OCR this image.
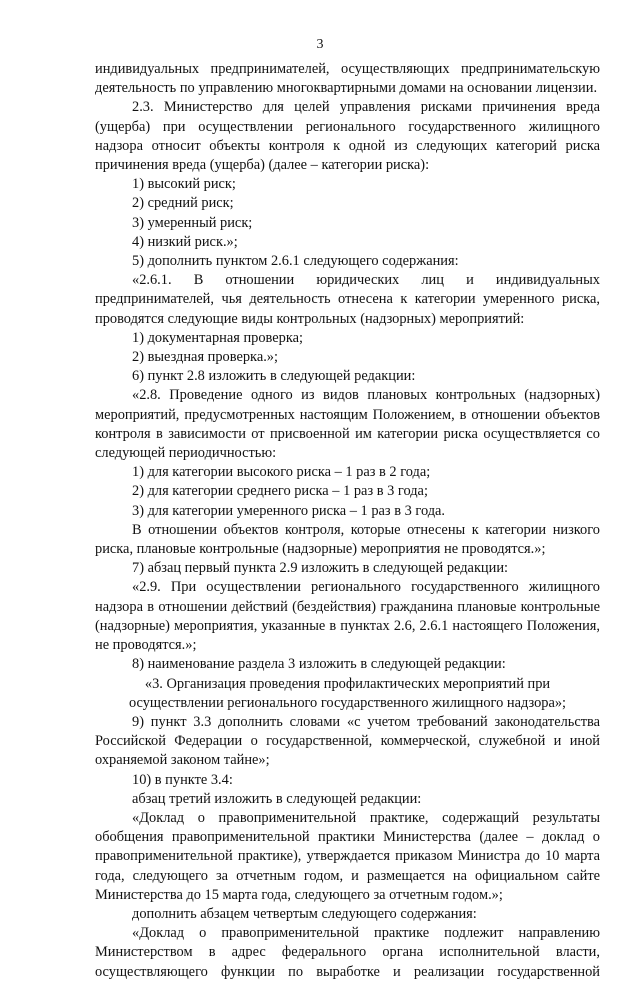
3

индивидуальных предпринимателей, осуществляющих предпринимательскую деятельность по управлению многоквартирными домами на основании лицензии.

2.3. Министерство для целей управления рисками причинения вреда (ущерба) при осуществлении регионального государственного жилищного надзора относит объекты контроля к одной из следующих категорий риска причинения вреда (ущерба) (далее – категории риска):

1) высокий риск;

2) средний риск;

3) умеренный риск;

4) низкий риск.»;

5) дополнить пунктом 2.6.1 следующего содержания:

«2.6.1. В отношении юридических лиц и индивидуальных предпринимателей, чья деятельность отнесена к категории умеренного риска, проводятся следующие виды контрольных (надзорных) мероприятий:

1) документарная проверка;

2) выездная проверка.»;

6) пункт 2.8 изложить в следующей редакции:

«2.8. Проведение одного из видов плановых контрольных (надзорных) мероприятий, предусмотренных настоящим Положением, в отношении объектов контроля в зависимости от присвоенной им категории риска осуществляется со следующей периодичностью:

1) для категории высокого риска – 1 раз в 2 года;

2) для категории среднего риска – 1 раз в 3 года;

3) для категории умеренного риска – 1 раз в 3 года.

В отношении объектов контроля, которые отнесены к категории низкого риска, плановые контрольные (надзорные) мероприятия не проводятся.»;

7) абзац первый пункта 2.9 изложить в следующей редакции:

«2.9. При осуществлении регионального государственного жилищного надзора в отношении действий (бездействия) гражданина плановые контрольные (надзорные) мероприятия, указанные в пунктах 2.6, 2.6.1 настоящего Положения, не проводятся.»;

8) наименование раздела 3 изложить в следующей редакции:

«3. Организация проведения профилактических мероприятий при

осуществлении регионального государственного жилищного надзора»;

9) пункт 3.3 дополнить словами «с учетом требований законодательства Российской Федерации о государственной, коммерческой, служебной и иной охраняемой законом тайне»;

10) в пункте 3.4:

абзац третий изложить в следующей редакции:

«Доклад о правоприменительной практике, содержащий результаты обобщения правоприменительной практики Министерства (далее – доклад о правоприменительной практике), утверждается приказом Министра до 10 марта года, следующего за отчетным годом, и размещается на официальном сайте Министерства до 15 марта года, следующего за отчетным годом.»;

дополнить абзацем четвертым следующего содержания:

«Доклад о правоприменительной практике подлежит направлению Министерством в адрес федерального органа исполнительной власти, осуществляющего функции по выработке и реализации государственной
